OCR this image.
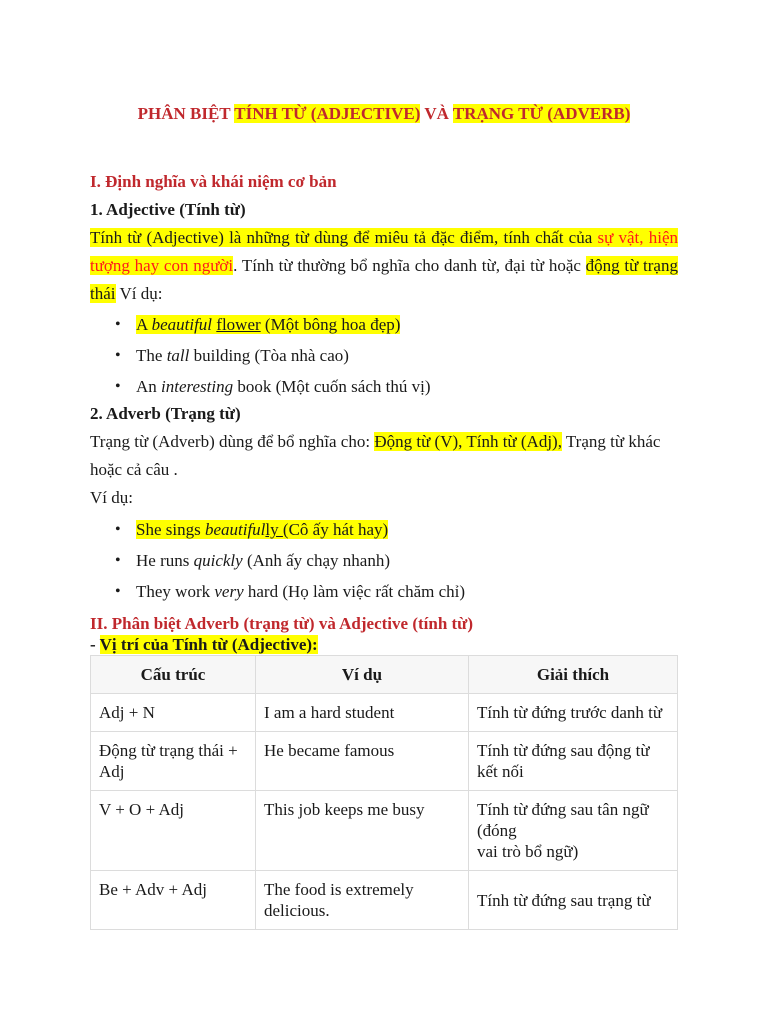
PHÂN BIỆT TÍNH TỪ (ADJECTIVE) VÀ TRẠNG TỪ (ADVERB)
I. Định nghĩa và khái niệm cơ bản
1. Adjective (Tính từ)
Tính từ (Adjective) là những từ dùng để miêu tả đặc điểm, tính chất của sự vật, hiện tượng hay con người. Tính từ thường bổ nghĩa cho danh từ, đại từ hoặc động từ trạng thái Ví dụ:
• A beautiful flower (Một bông hoa đẹp)
• The tall building (Tòa nhà cao)
• An interesting book (Một cuốn sách thú vị)
2. Adverb (Trạng từ)
Trạng từ (Adverb) dùng để bổ nghĩa cho: Động từ (V), Tính từ (Adj), Trạng từ khác hoặc cả câu .
Ví dụ:
• She sings beautifully (Cô ấy hát hay)
• He runs quickly (Anh ấy chạy nhanh)
• They work very hard (Họ làm việc rất chăm chỉ)
II. Phân biệt Adverb (trạng từ) và Adjective (tính từ)
- Vị trí của Tính từ (Adjective):
Cấu trúc	Ví dụ	Giải thích
Adj + N	I am a hard student	Tính từ đứng trước danh từ
Động từ trạng thái + Adj	He became famous	Tính từ đứng sau động từ kết nối
V + O + Adj	This job keeps me busy	Tính từ đứng sau tân ngữ (đóng
vai trò bổ ngữ)
Be + Adv + Adj	The food is extremely delicious.	Tính từ đứng sau trạng từ
